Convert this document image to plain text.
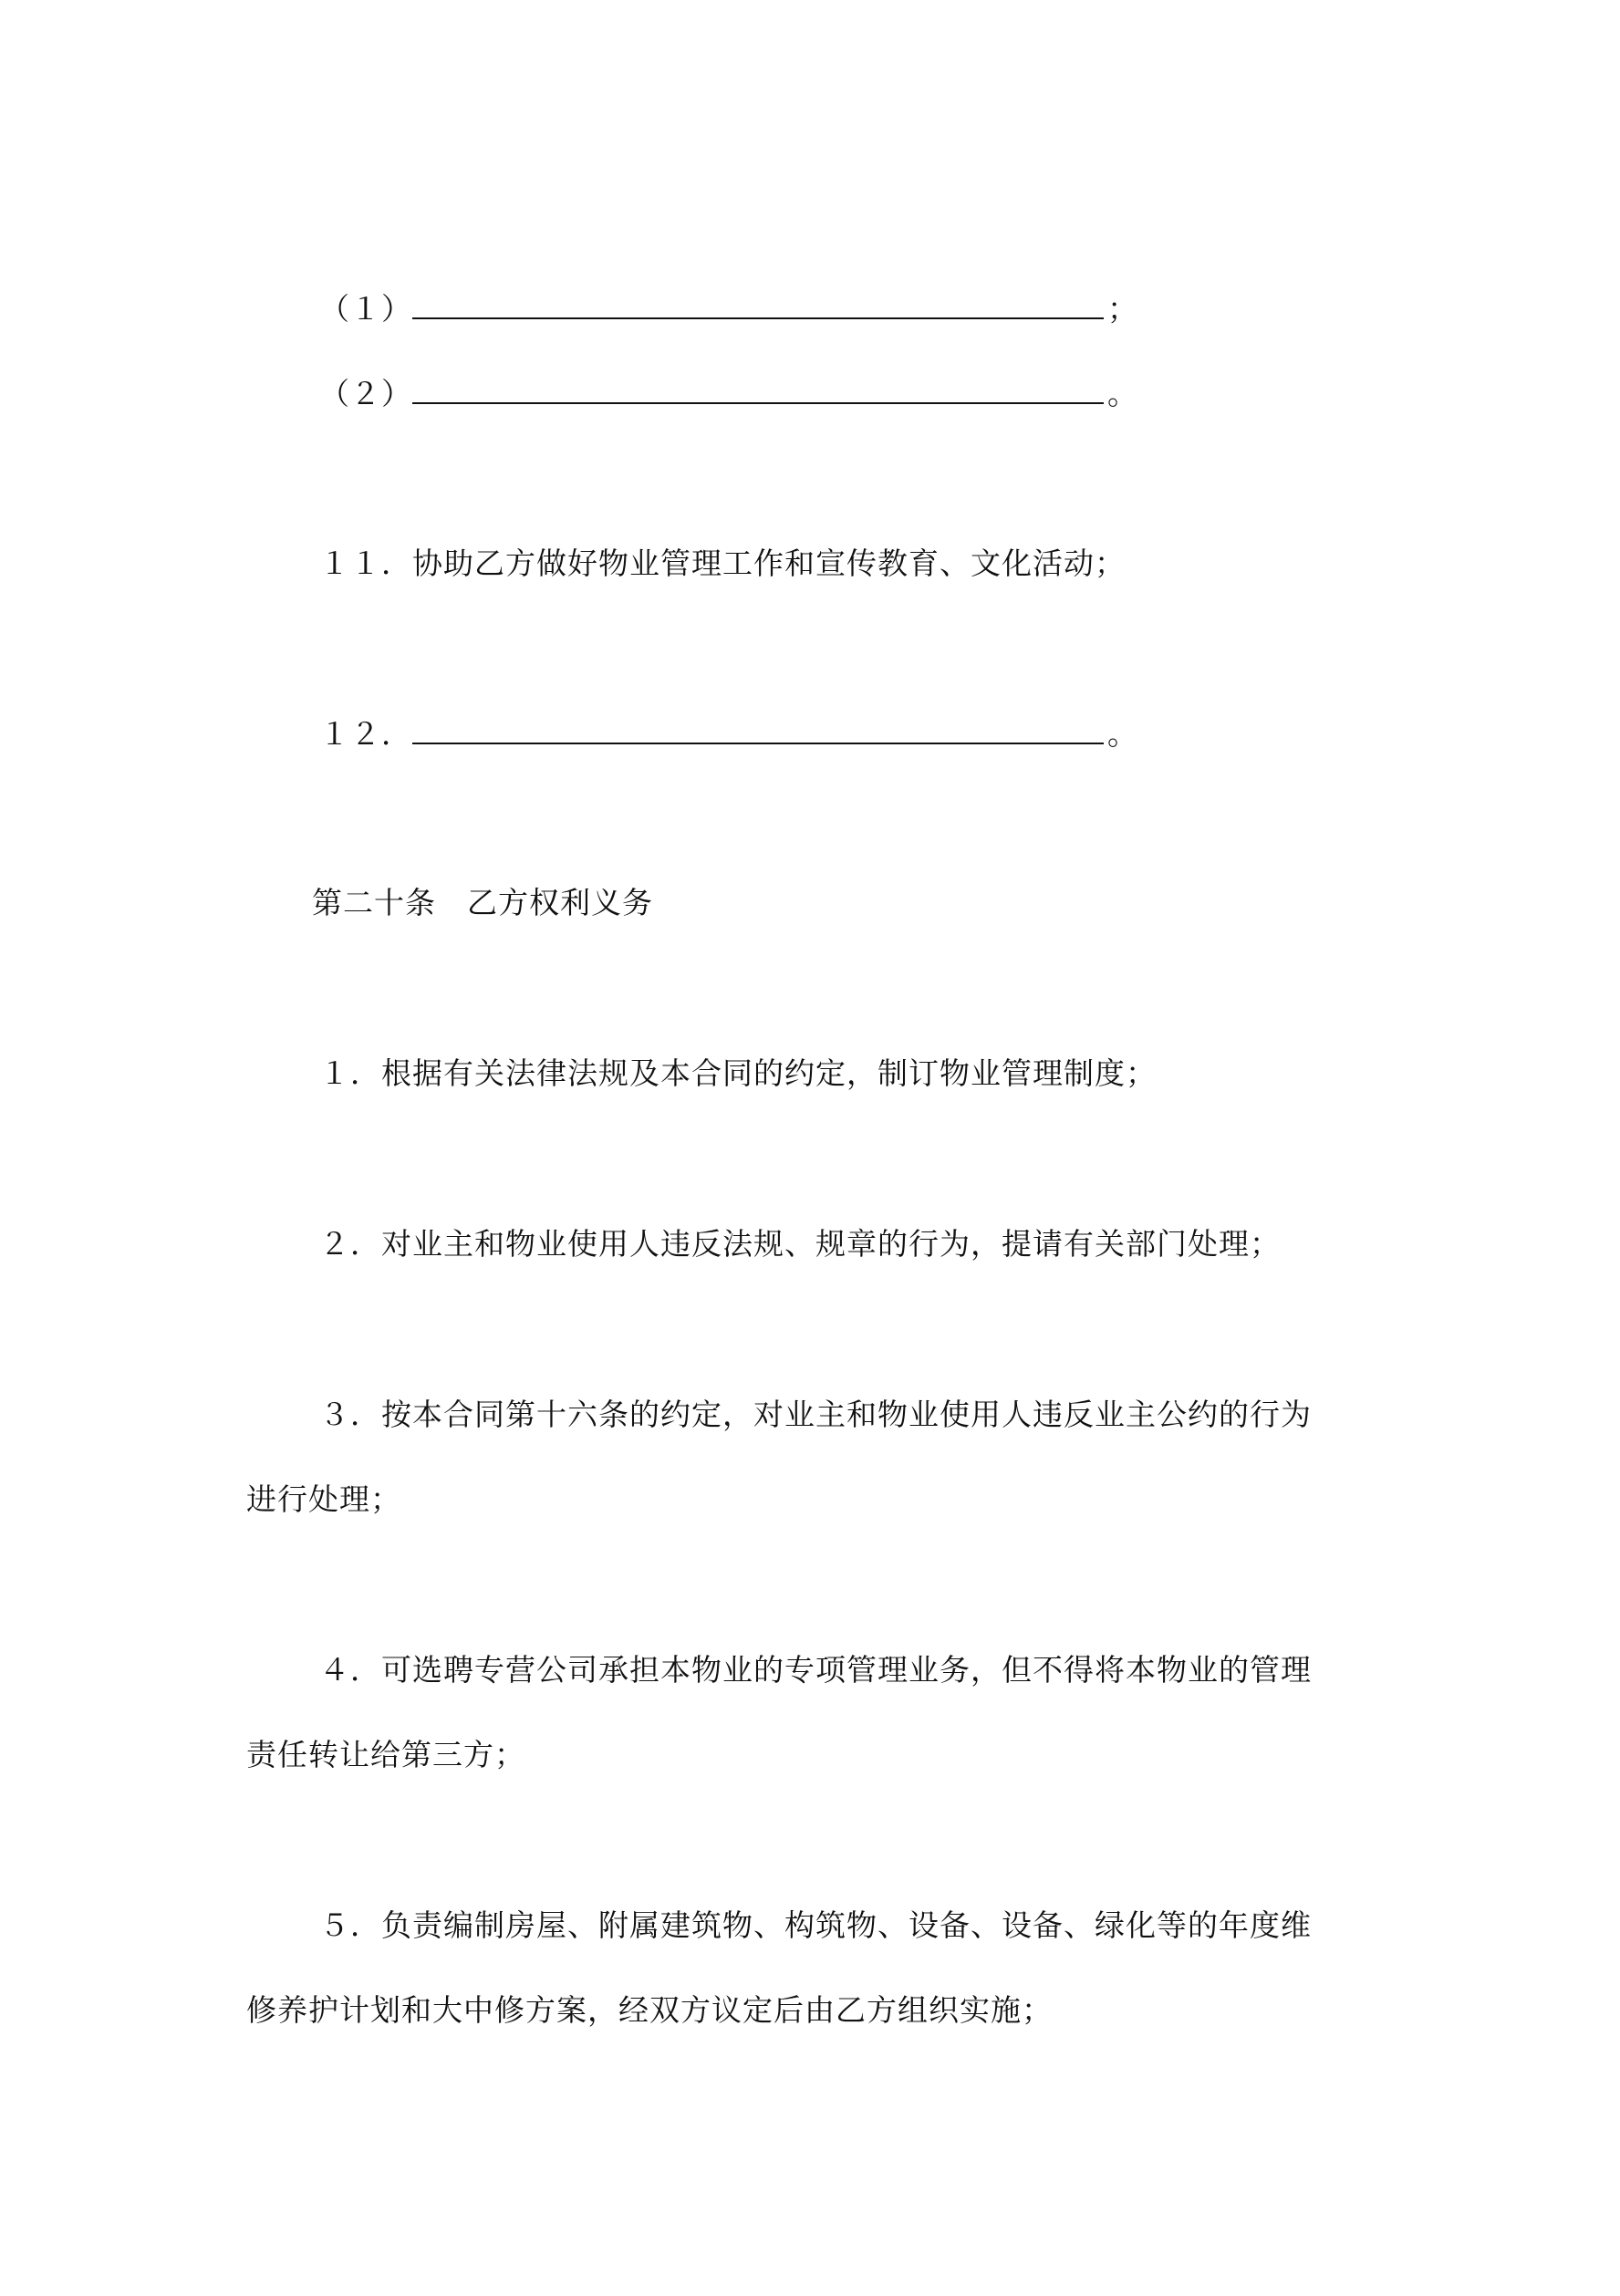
（１）	；
（２）	。
１１．协助乙方做好物业管理工作和宣传教育、文化活动；
１２．	。
第二十条　乙方权利义务
１．根据有关法律法规及本合同的约定，制订物业管理制度；
２．对业主和物业使用人违反法规、规章的行为，提请有关部门处理；
３．按本合同第十六条的约定，对业主和物业使用人违反业主公约的行为
进行处理；
４．可选聘专营公司承担本物业的专项管理业务，但不得将本物业的管理
责任转让给第三方；
５．负责编制房屋、附属建筑物、构筑物、设备、设备、绿化等的年度维
修养护计划和大中修方案，经双方议定后由乙方组织实施；
